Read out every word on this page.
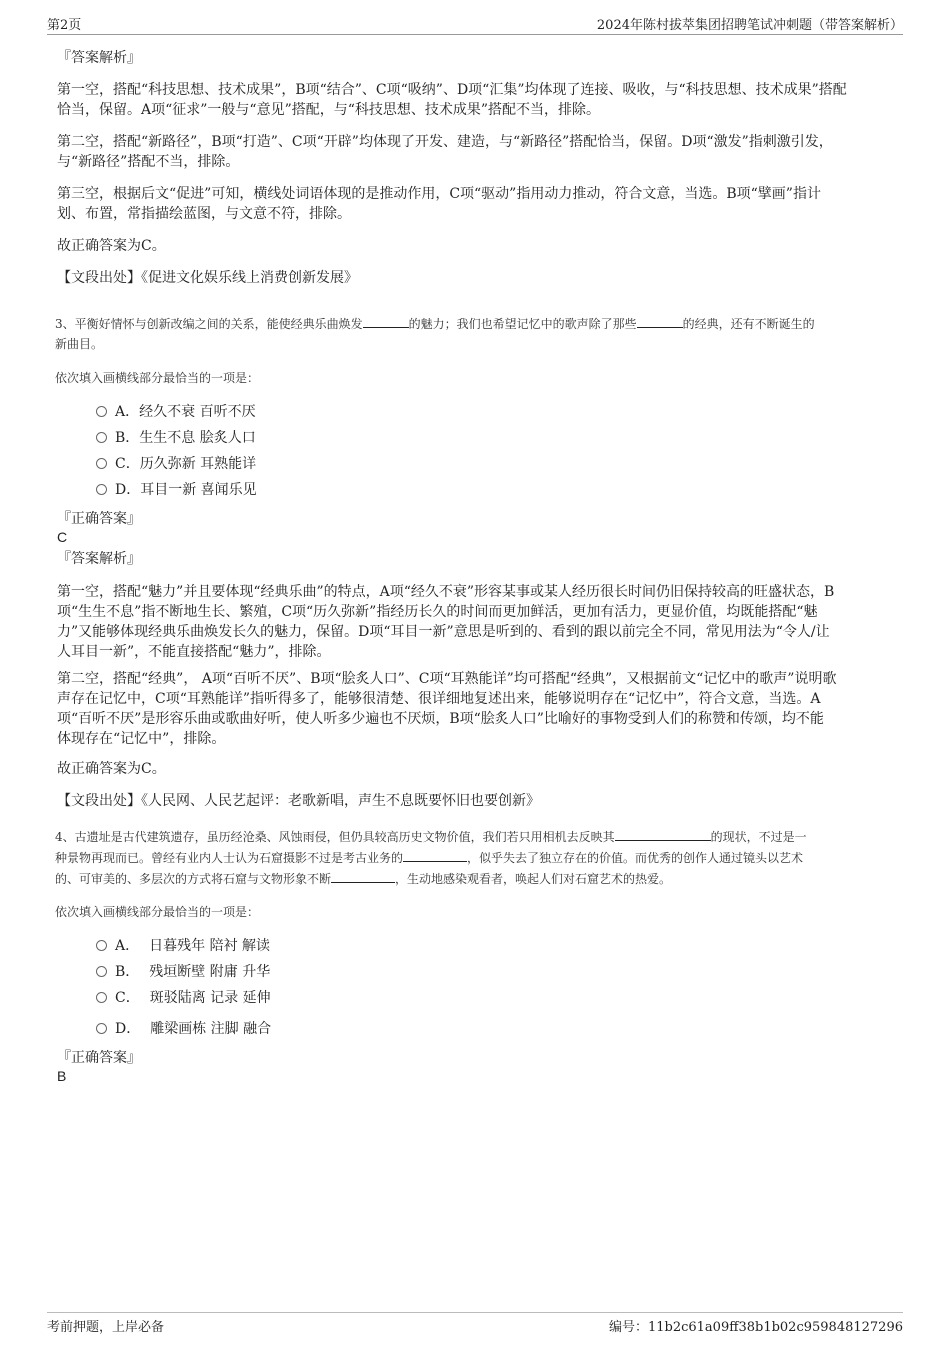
第2页	2024年陈村拔萃集团招聘笔试冲刺题（带答案解析）
『答案解析』
第一空，搭配“科技思想、技术成果”，B项“结合”、C项“吸纳”、D项“汇集”均体现了连接、吸收，与“科技思想、技术成果”搭配
恰当，保留。A项“征求”一般与“意见”搭配，与“科技思想、技术成果”搭配不当，排除。
第二空，搭配“新路径”，B项“打造”、C项“开辟”均体现了开发、建造，与“新路径”搭配恰当，保留。D项“激发”指刺激引发，
与“新路径”搭配不当，排除。
第三空，根据后文“促进”可知，横线处词语体现的是推动作用，C项“驱动”指用动力推动，符合文意，当选。B项“擘画”指计
划、布置，常指描绘蓝图，与文意不符，排除。
故正确答案为C。
【文段出处】《促进文化娱乐线上消费创新发展》
3、平衡好情怀与创新改编之间的关系，能使经典乐曲焕发	的魅力；我们也希望记忆中的歌声除了那些	的经典，还有不断诞生的
新曲目。
依次填入画横线部分最恰当的一项是：
A．经久不衰 百听不厌
B．生生不息 脍炙人口
C．历久弥新 耳熟能详
D．耳目一新 喜闻乐见
『正确答案』
C
『答案解析』
第一空，搭配“魅力”并且要体现“经典乐曲”的特点，A项“经久不衰”形容某事或某人经历很长时间仍旧保持较高的旺盛状态，B
项“生生不息”指不断地生长、繁殖，C项“历久弥新”指经历长久的时间而更加鲜活，更加有活力，更显价值，均既能搭配“魅
力”又能够体现经典乐曲焕发长久的魅力，保留。D项“耳目一新”意思是听到的、看到的跟以前完全不同，常见用法为“令人/让
人耳目一新”，不能直接搭配“魅力”，排除。
第二空，搭配“经典”， A项“百听不厌”、B项“脍炙人口”、C项“耳熟能详”均可搭配“经典”，又根据前文“记忆中的歌声”说明歌
声存在记忆中，C项“耳熟能详”指听得多了，能够很清楚、很详细地复述出来，能够说明存在“记忆中”，符合文意，当选。A
项“百听不厌”是形容乐曲或歌曲好听，使人听多少遍也不厌烦，B项“脍炙人口”比喻好的事物受到人们的称赞和传颂，均不能
体现存在“记忆中”，排除。
故正确答案为C。
【文段出处】《人民网、人民艺起评：老歌新唱，声生不息既要怀旧也要创新》
4、古遗址是古代建筑遗存，虽历经沧桑、风蚀雨侵，但仍具较高历史文物价值，我们若只用相机去反映其	的现状，不过是一
种景物再现而已。曾经有业内人士认为石窟摄影不过是考古业务的	，似乎失去了独立存在的价值。而优秀的创作人通过镜头以艺术
的、可审美的、多层次的方式将石窟与文物形象不断	，生动地感染观看者，唤起人们对石窟艺术的热爱。
依次填入画横线部分最恰当的一项是：
A． 日暮残年 陪衬 解读
B． 残垣断壁 附庸 升华
C． 斑驳陆离 记录 延伸
D． 雕梁画栋 注脚 融合
『正确答案』
B
考前押题，上岸必备	编号：11b2c61a09ff38b1b02c959848127296
